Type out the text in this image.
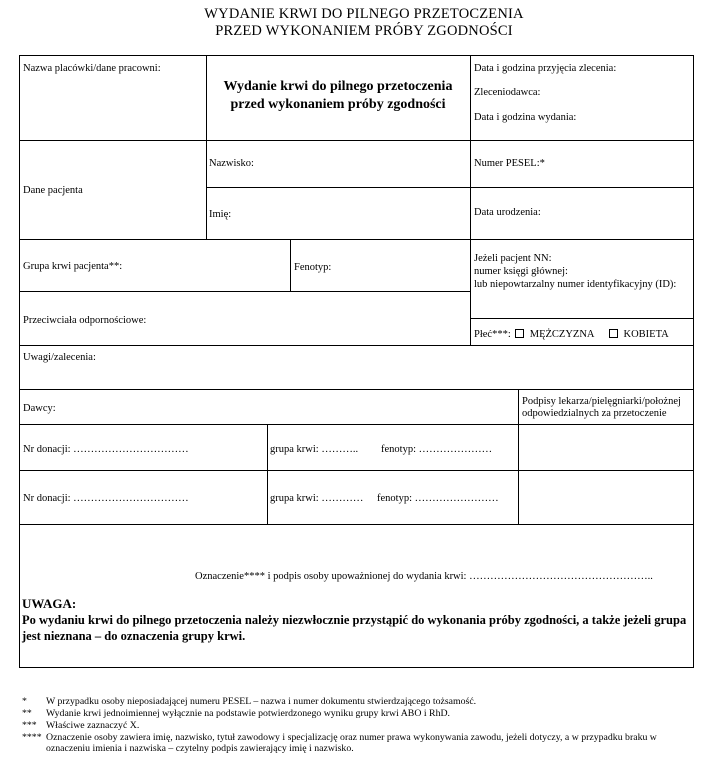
WYDANIE KRWI DO PILNEGO PRZETOCZENIA
PRZED WYKONANIEM PRÓBY ZGODNOŚCI
Nazwa placówki/dane pracowni:
Wydanie krwi do pilnego przetoczenia
przed wykonaniem próby zgodności
Data i godzina przyjęcia zlecenia:
Zleceniodawca:
Data i godzina wydania:
Dane pacjenta
Nazwisko:
Imię:
Numer PESEL:*
Data urodzenia:
Grupa krwi pacjenta**:	Fenotyp:
Jeżeli pacjent NN:
numer księgi głównej:
lub niepowtarzalny numer identyfikacyjny (ID):
Przeciwciała odpornościowe:
Płeć***: MĘŻCZYZNA	KOBIETA
Uwagi/zalecenia:
Dawcy:
Podpisy lekarza/pielęgniarki/położnej
odpowiedzialnych za przetoczenie
Nr donacji: ……………………………	grupa krwi: ……….. fenotyp: …………………
Nr donacji: ……………………………	grupa krwi: ………… fenotyp: ……………………
Oznaczenie**** i podpis osoby upoważnionej do wydania krwi: ……………………………………………..
UWAGA:
Po wydaniu krwi do pilnego przetoczenia należy niezwłocznie przystąpić do wykonania próby zgodności, a także jeżeli grupa jest nieznana – do oznaczenia grupy krwi.
* W przypadku osoby nieposiadającej numeru PESEL – nazwa i numer dokumentu stwierdzającego tożsamość.
** Wydanie krwi jednoimiennej wyłącznie na podstawie potwierdzonego wyniku grupy krwi ABO i RhD.
*** Właściwe zaznaczyć X.
**** Oznaczenie osoby zawiera imię, nazwisko, tytuł zawodowy i specjalizację oraz numer prawa wykonywania zawodu, jeżeli dotyczy, a w przypadku braku w oznaczeniu imienia i nazwiska – czytelny podpis zawierający imię i nazwisko.
